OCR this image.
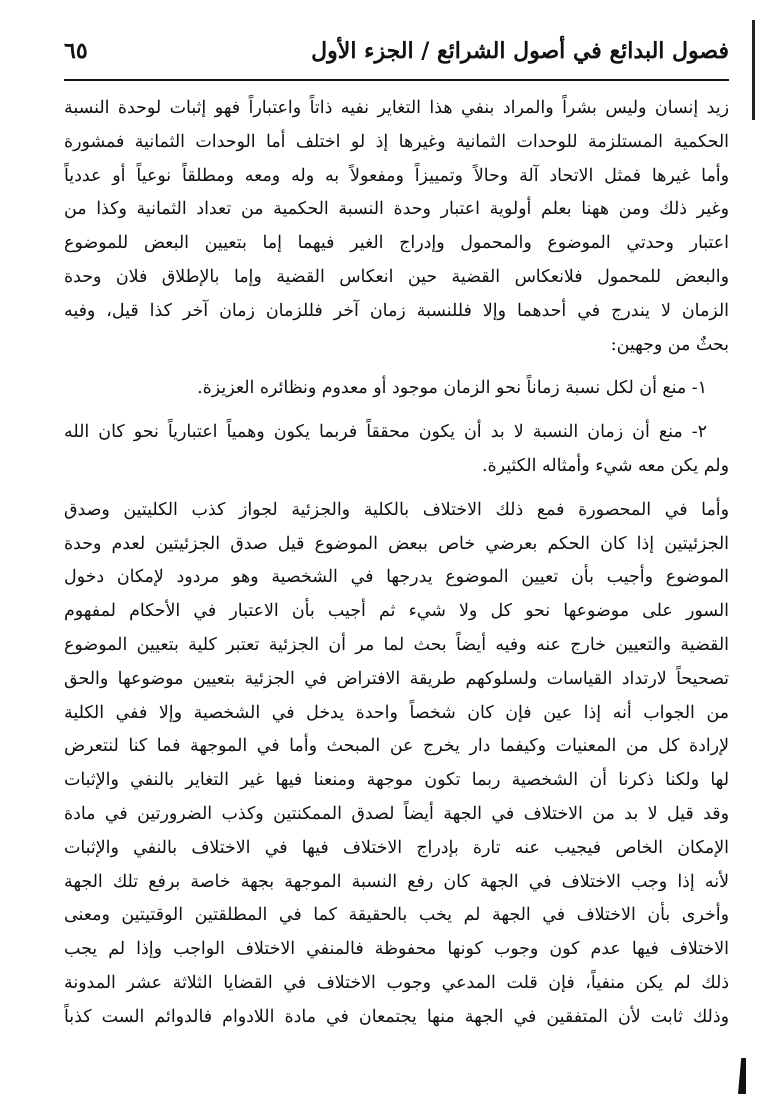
فصول البدائع في أصول الشرائع / الجزء الأول
٦٥
زيد إنسان وليس بشراً والمراد بنفي هذا التغاير نفيه ذاتاً واعتباراً فهو إثبات لوحدة النسبة
الحكمية المستلزمة للوحدات الثمانية وغيرها إذ لو اختلف أما الوحدات الثمانية فمشورة
وأما غيرها فمثل الاتحاد آلة وحالاً وتمييزاً ومفعولاً به وله ومعه ومطلقاً نوعياً أو عددياً
وغير ذلك ومن ههنا بعلم أولوية اعتبار وحدة النسبة الحكمية من تعداد الثمانية وكذا من
اعتبار وحدتي الموضوع والمحمول وإدراج الغير فيهما إما بتعيين البعض للموضوع
والبعض للمحمول فلانعكاس القضية حين انعكاس القضية وإما بالإطلاق فلان وحدة
الزمان لا يندرج في أحدهما وإلا فللنسبة زمان آخر فللزمان زمان آخر كذا قيل، وفيه
بحثٌ من وجهين:
١- منع أن لكل نسبة زماناً نحو الزمان موجود أو معدوم ونظائره العزيزة.
٢- منع أن زمان النسبة لا بد أن يكون محققاً فربما يكون وهمياً اعتبارياً نحو كان الله
ولم يكن معه شيء وأمثاله الكثيرة.
وأما في المحصورة فمع ذلك الاختلاف بالكلية والجزئية لجواز كذب الكليتين وصدق
الجزئيتين إذا كان الحكم بعرضي خاص ببعض الموضوع قيل صدق الجزئيتين لعدم وحدة
الموضوع وأجيب بأن تعيين الموضوع يدرجها في الشخصية وهو مردود لإمكان دخول
السور على موضوعها نحو كل ولا شيء ثم أجيب بأن الاعتبار في الأحكام لمفهوم
القضية والتعيين خارج عنه وفيه أيضاً بحث لما مر أن الجزئية تعتبر كلية بتعيين الموضوع
تصحيحاً لارتداد القياسات ولسلوكهم طريقة الافتراض في الجزئية بتعيين موضوعها والحق
من الجواب أنه إذا عين فإن كان شخصاً واحدة يدخل في الشخصية وإلا ففي الكلية
لإرادة كل من المعنيات وكيفما دار يخرج عن المبحث وأما في الموجهة فما كنا لنتعرض
لها ولكنا ذكرنا أن الشخصية ربما تكون موجهة ومنعنا فيها غير التغاير بالنفي والإثبات
وقد قيل لا بد من الاختلاف في الجهة أيضاً لصدق الممكنتين وكذب الضرورتين في مادة
الإمكان الخاص فيجيب عنه تارة بإدراج الاختلاف فيها في الاختلاف بالنفي والإثبات
لأنه إذا وجب الاختلاف في الجهة كان رفع النسبة الموجهة بجهة خاصة برفع تلك الجهة
وأخرى بأن الاختلاف في الجهة لم يخب بالحقيقة كما في المطلقتين الوقتيتين ومعنى
الاختلاف فيها عدم كون وجوب كونها محفوظة فالمنفي الاختلاف الواجب وإذا لم يجب
ذلك لم يكن منفياً، فإن قلت المدعي وجوب الاختلاف في القضايا الثلاثة عشر المدونة
وذلك ثابت لأن المتفقين في الجهة منها يجتمعان في مادة اللادوام فالدوائم الست كذباً
